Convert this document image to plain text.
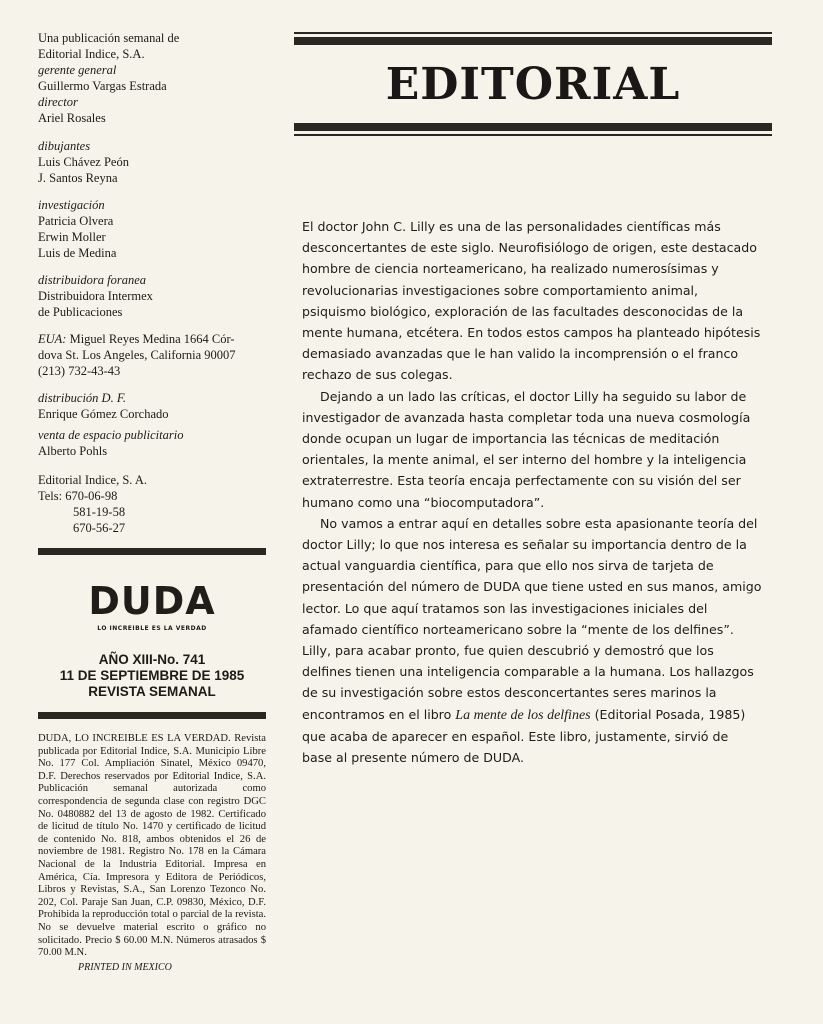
Una publicación semanal de
Editorial Indice, S.A.
gerente general
Guillermo Vargas Estrada
director
Ariel Rosales
dibujantes
Luis Chávez Peón
J. Santos Reyna
investigación
Patricia Olvera
Erwin Moller
Luis de Medina
distribuidora foranea
Distribuidora Intermex
de Publicaciones
EUA: Miguel Reyes Medina 1664 Cór-
dova St. Los Angeles, California 90007
(213) 732-43-43
distribución D. F.
Enrique Gómez Corchado
venta de espacio publicitario
Alberto Pohls
Editorial Indice, S. A.
Tels: 670-06-98
581-19-58
670-56-27
DUDA
LO INCREIBLE ES LA VERDAD
AÑO XIII-No. 741
11 DE SEPTIEMBRE DE 1985
REVISTA SEMANAL
DUDA, LO INCREIBLE ES LA VERDAD. Revista publicada por Editorial Indice, S.A. Municipio Libre No. 177 Col. Ampliación Sinatel, México 09470, D.F. Derechos reservados por Editorial Indice, S.A. Publicación semanal autorizada como correspondencia de segunda clase con registro DGC No. 0480882 del 13 de agosto de 1982. Certificado de licitud de título No. 1470 y certificado de licitud de contenido No. 818, ambos obtenidos el 26 de noviembre de 1981. Registro No. 178 en la Cámara Nacional de la Industria Editorial. Impresa en América, Cía. Impresora y Editora de Periódicos, Libros y Revistas, S.A., San Lorenzo Tezonco No. 202, Col. Paraje San Juan, C.P. 09830, México, D.F. Prohibida la reproducción total o parcial de la revista. No se devuelve material escrito o gráfico no solicitado. Precio $ 60.00 M.N. Números atrasados $ 70.00 M.N.
PRINTED IN MEXICO
EDITORIAL

El doctor John C. Lilly es una de las personalidades científicas más desconcertantes de este siglo. Neurofisiólogo de origen, este destacado hombre de ciencia norteamericano, ha realizado numerosísimas y revolucionarias investigaciones sobre comportamiento animal, psiquismo biológico, exploración de las facultades desconocidas de la mente humana, etcétera. En todos estos campos ha planteado hipótesis demasiado avanzadas que le han valido la incomprensión o el franco rechazo de sus colegas.

Dejando a un lado las críticas, el doctor Lilly ha seguido su labor de investigador de avanzada hasta completar toda una nueva cosmología donde ocupan un lugar de importancia las técnicas de meditación orientales, la mente animal, el ser interno del hombre y la inteligencia extraterrestre. Esta teoría encaja perfectamente con su visión del ser humano como una “biocomputadora”.

No vamos a entrar aquí en detalles sobre esta apasionante teoría del doctor Lilly; lo que nos interesa es señalar su importancia dentro de la actual vanguardia científica, para que ello nos sirva de tarjeta de presentación del número de DUDA que tiene usted en sus manos, amigo lector. Lo que aquí tratamos son las investigaciones iniciales del afamado científico norteamericano sobre la “mente de los delfines”. Lilly, para acabar pronto, fue quien descubrió y demostró que los delfines tienen una inteligencia comparable a la humana. Los hallazgos de su investigación sobre estos desconcertantes seres marinos la encontramos en el libro La mente de los delfines (Editorial Posada, 1985) que acaba de aparecer en español. Este libro, justamente, sirvió de base al presente número de DUDA.
